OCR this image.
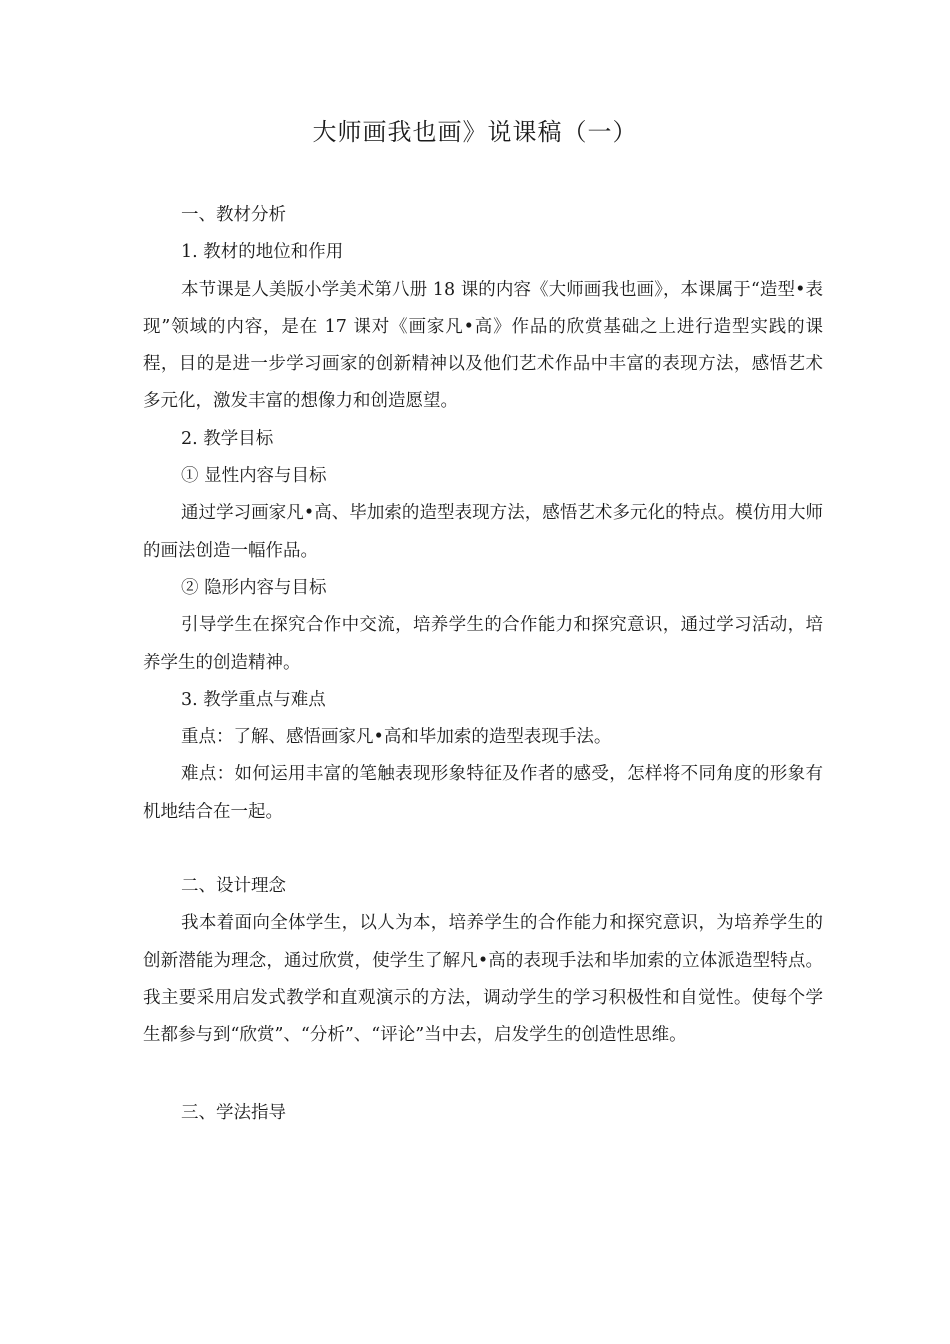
大师画我也画》说课稿（一）

一、教材分析

1. 教材的地位和作用

本节课是人美版小学美术第八册 18 课的内容《大师画我也画》，本课属于“造型•表现”领域的内容，是在 17 课对《画家凡•高》作品的欣赏基础之上进行造型实践的课程，目的是进一步学习画家的创新精神以及他们艺术作品中丰富的表现方法，感悟艺术多元化，激发丰富的想像力和创造愿望。

2. 教学目标

① 显性内容与目标

通过学习画家凡•高、毕加索的造型表现方法，感悟艺术多元化的特点。模仿用大师的画法创造一幅作品。

② 隐形内容与目标

引导学生在探究合作中交流，培养学生的合作能力和探究意识，通过学习活动，培养学生的创造精神。

3. 教学重点与难点

重点：了解、感悟画家凡•高和毕加索的造型表现手法。

难点：如何运用丰富的笔触表现形象特征及作者的感受，怎样将不同角度的形象有机地结合在一起。

二、设计理念

我本着面向全体学生，以人为本，培养学生的合作能力和探究意识，为培养学生的创新潜能为理念，通过欣赏，使学生了解凡•高的表现手法和毕加索的立体派造型特点。我主要采用启发式教学和直观演示的方法，调动学生的学习积极性和自觉性。使每个学生都参与到“欣赏”、“分析”、“评论”当中去，启发学生的创造性思维。

三、学法指导
